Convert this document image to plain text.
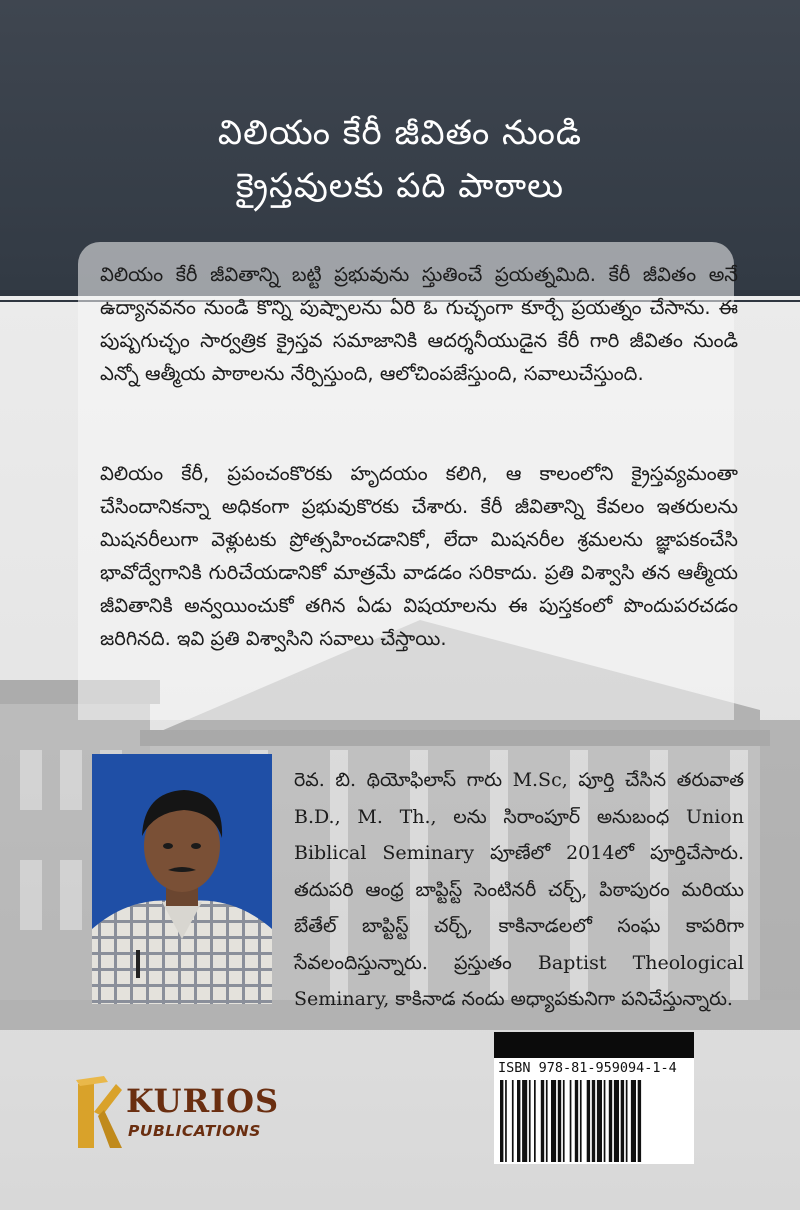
విలియం కేరీ జీవితం నుండి
క్రైస్తవులకు పది పాఠాలు

విలియం కేరీ జీవితాన్ని బట్టి ప్రభువును స్తుతించే ప్రయత్నమిది. కేరీ జీవితం అనే ఉద్యానవనం నుండి కొన్ని పుష్పాలను ఏరి ఓ గుచ్ఛంగా కూర్చే ప్రయత్నం చేసాను. ఈ పుష్పగుచ్ఛం సార్వత్రిక క్రైస్తవ సమాజానికి ఆదర్శనీయుడైన కేరీ గారి జీవితం నుండి ఎన్నో ఆత్మీయ పాఠాలను నేర్పిస్తుంది, ఆలోచింపజేస్తుంది, సవాలుచేస్తుంది.

విలియం కేరీ, ప్రపంచంకొరకు హృదయం కలిగి, ఆ కాలంలోని క్రైస్తవ్యమంతా చేసిందానికన్నా అధికంగా ప్రభువుకొరకు చేశారు. కేరీ జీవితాన్ని కేవలం ఇతరులను మిషనరీలుగా వెళ్లుటకు ప్రోత్సహించడానికో, లేదా మిషనరీల శ్రమలను జ్ఞాపకంచేసి భావోద్వేగానికి గురిచేయడానికో మాత్రమే వాడడం సరికాదు. ప్రతి విశ్వాసి తన ఆత్మీయ జీవితానికి అన్వయించుకో తగిన ఏడు విషయాలను ఈ పుస్తకంలో పొందుపరచడం జరిగినది. ఇవి ప్రతి విశ్వాసిని సవాలు చేస్తాయి.

రెవ. బి. థియోఫిలాస్ గారు M.Sc, పూర్తి చేసిన తరువాత B.D., M. Th., లను సిరాంపూర్ అనుబంధ Union Biblical Seminary పూణేలో 2014లో పూర్తిచేసారు. తదుపరి ఆంధ్ర బాప్టిస్ట్ సెంటినరీ చర్చ్, పిఠాపురం మరియు బేతేల్ బాప్టిస్ట్ చర్చ్, కాకినాడలలో సంఘ కాపరిగా సేవలందిస్తున్నారు. ప్రస్తుతం Baptist Theological Seminary, కాకినాడ నందు అధ్యాపకునిగా పనిచేస్తున్నారు.

KURIOS
PUBLICATIONS
ISBN 978-81-959094-1-4
